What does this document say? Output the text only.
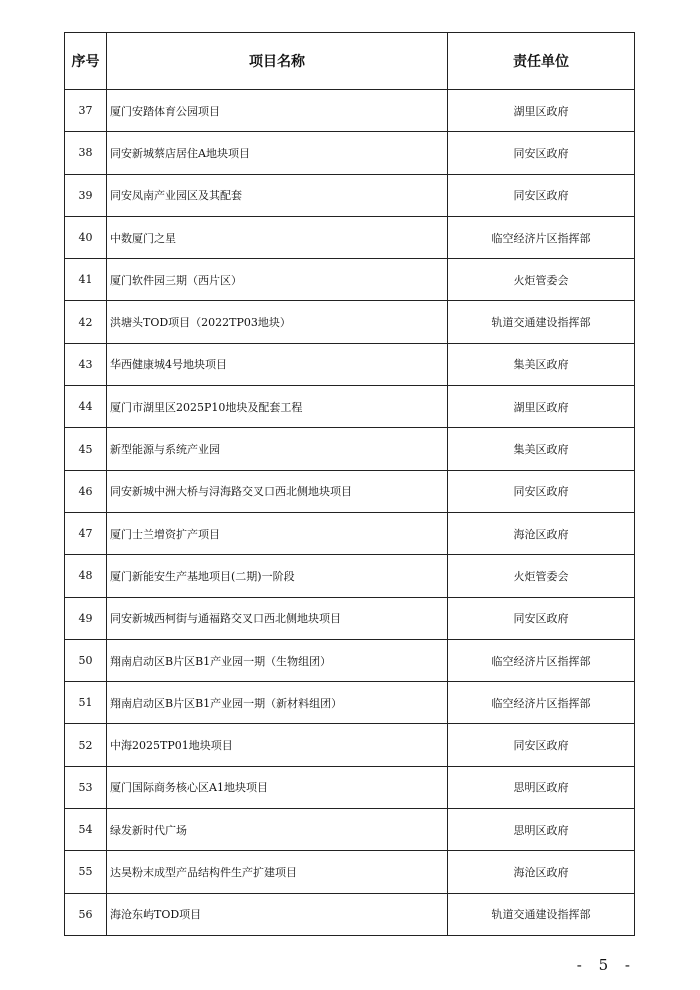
序号	项目名称	责任单位
37	厦门安踏体育公园项目	湖里区政府
38	同安新城蔡店居住A地块项目	同安区政府
39	同安凤南产业园区及其配套	同安区政府
40	中数厦门之星	临空经济片区指挥部
41	厦门软件园三期（西片区）	火炬管委会
42	洪塘头TOD项目（2022TP03地块）	轨道交通建设指挥部
43	华西健康城4号地块项目	集美区政府
44	厦门市湖里区2025P10地块及配套工程	湖里区政府
45	新型能源与系统产业园	集美区政府
46	同安新城中洲大桥与浔海路交叉口西北侧地块项目	同安区政府
47	厦门士兰增资扩产项目	海沧区政府
48	厦门新能安生产基地项目(二期)一阶段	火炬管委会
49	同安新城西柯街与通福路交叉口西北侧地块项目	同安区政府
50	翔南启动区B片区B1产业园一期（生物组团）	临空经济片区指挥部
51	翔南启动区B片区B1产业园一期（新材料组团）	临空经济片区指挥部
52	中海2025TP01地块项目	同安区政府
53	厦门国际商务核心区A1地块项目	思明区政府
54	绿发新时代广场	思明区政府
55	达昊粉末成型产品结构件生产扩建项目	海沧区政府
56	海沧东屿TOD项目	轨道交通建设指挥部
- 5 -
